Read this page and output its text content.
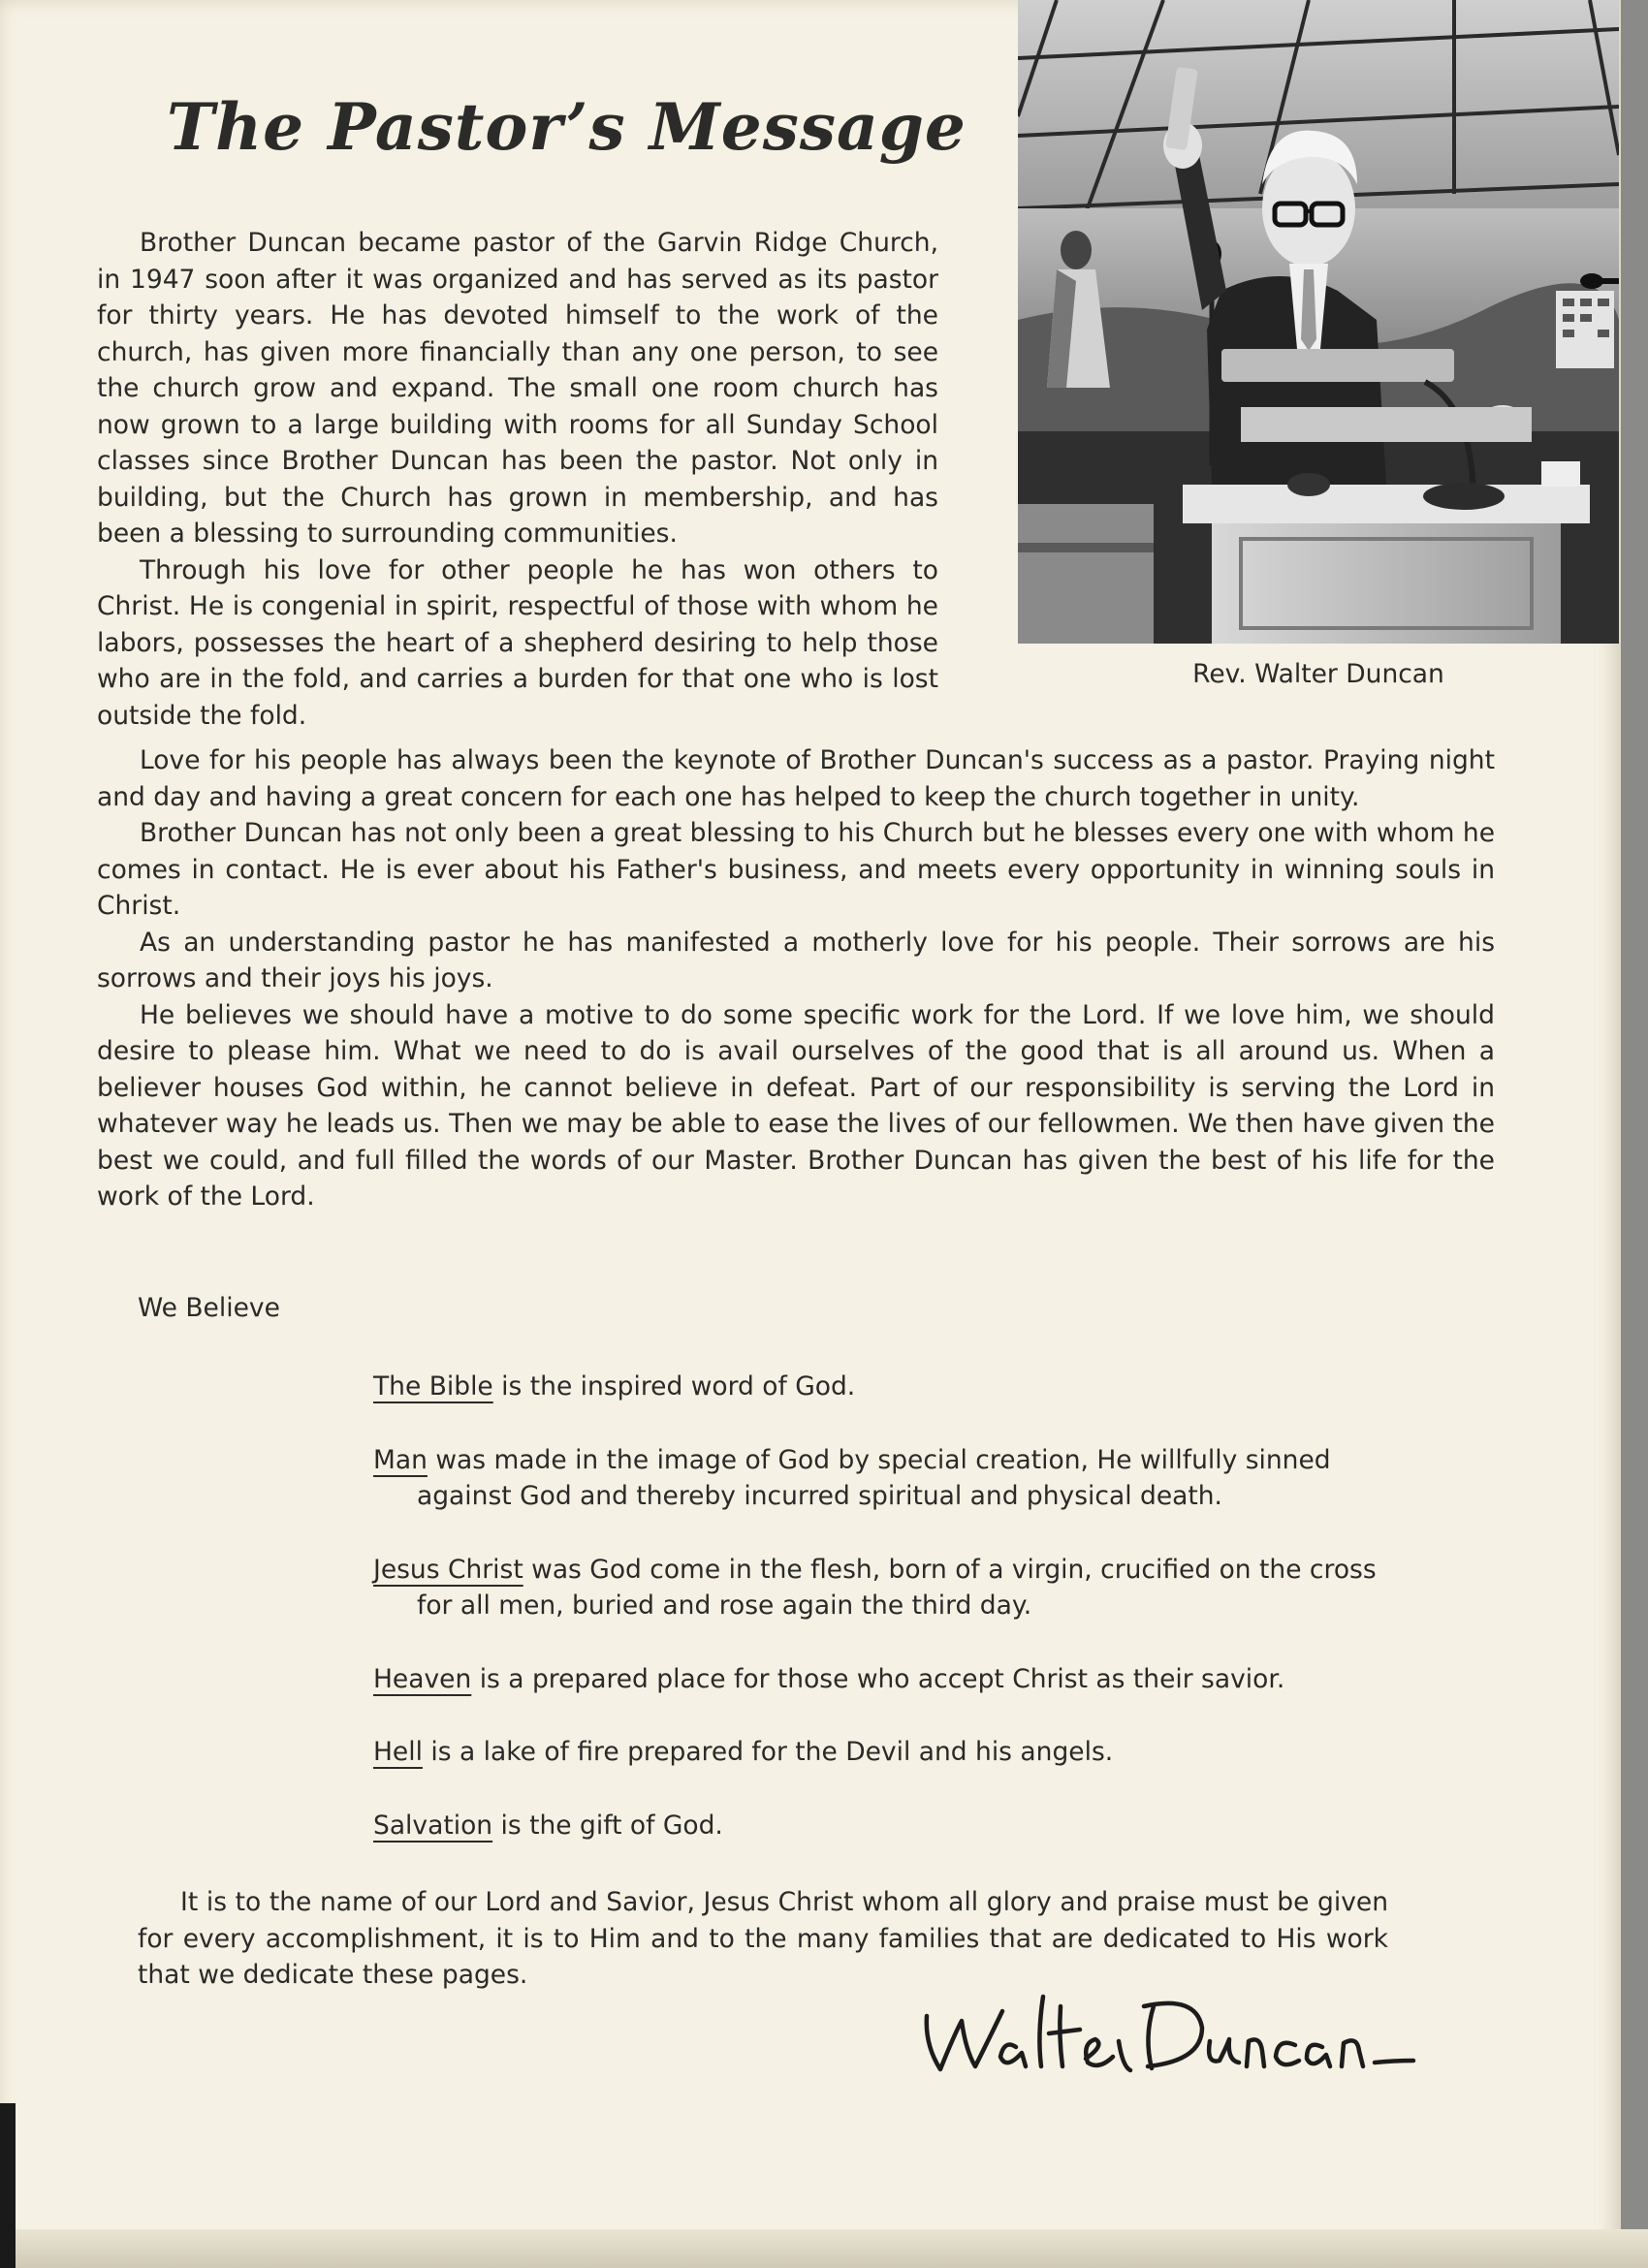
The Pastor’s Message
Rev. Walter Duncan

Brother Duncan became pastor of the Garvin Ridge Church, in 1947 soon after it was organized and has served as its pastor for thirty years. He has devoted himself to the work of the church, has given more financially than any one person, to see the church grow and expand. The small one room church has now grown to a large building with rooms for all Sunday School classes since Brother Duncan has been the pastor. Not only in building, but the Church has grown in membership, and has been a blessing to surrounding communities.

Through his love for other people he has won others to Christ. He is congenial in spirit, respectful of those with whom he labors, possesses the heart of a shepherd desiring to help those who are in the fold, and carries a burden for that one who is lost outside the fold.

Love for his people has always been the keynote of Brother Duncan's success as a pastor. Praying night and day and having a great concern for each one has helped to keep the church together in unity.

Brother Duncan has not only been a great blessing to his Church but he blesses every one with whom he comes in contact. He is ever about his Father's business, and meets every opportunity in winning souls in Christ.

As an understanding pastor he has manifested a motherly love for his people. Their sorrows are his sorrows and their joys his joys.

He believes we should have a motive to do some specific work for the Lord. If we love him, we should desire to please him. What we need to do is avail ourselves of the good that is all around us. When a believer houses God within, he cannot believe in defeat. Part of our responsibility is serving the Lord in whatever way he leads us. Then we may be able to ease the lives of our fellowmen. We then have given the best we could, and full filled the words of our Master. Brother Duncan has given the best of his life for the work of the Lord.

We Believe
The Bible is the inspired word of God.
Man was made in the image of God by special creation, He willfully sinned against God and thereby incurred spiritual and physical death.
Jesus Christ was God come in the flesh, born of a virgin, crucified on the cross for all men, buried and rose again the third day.
Heaven is a prepared place for those who accept Christ as their savior.
Hell is a lake of fire prepared for the Devil and his angels.
Salvation is the gift of God.

It is to the name of our Lord and Savior, Jesus Christ whom all glory and praise must be given for every accomplishment, it is to Him and to the many families that are dedicated to His work that we dedicate these pages.
